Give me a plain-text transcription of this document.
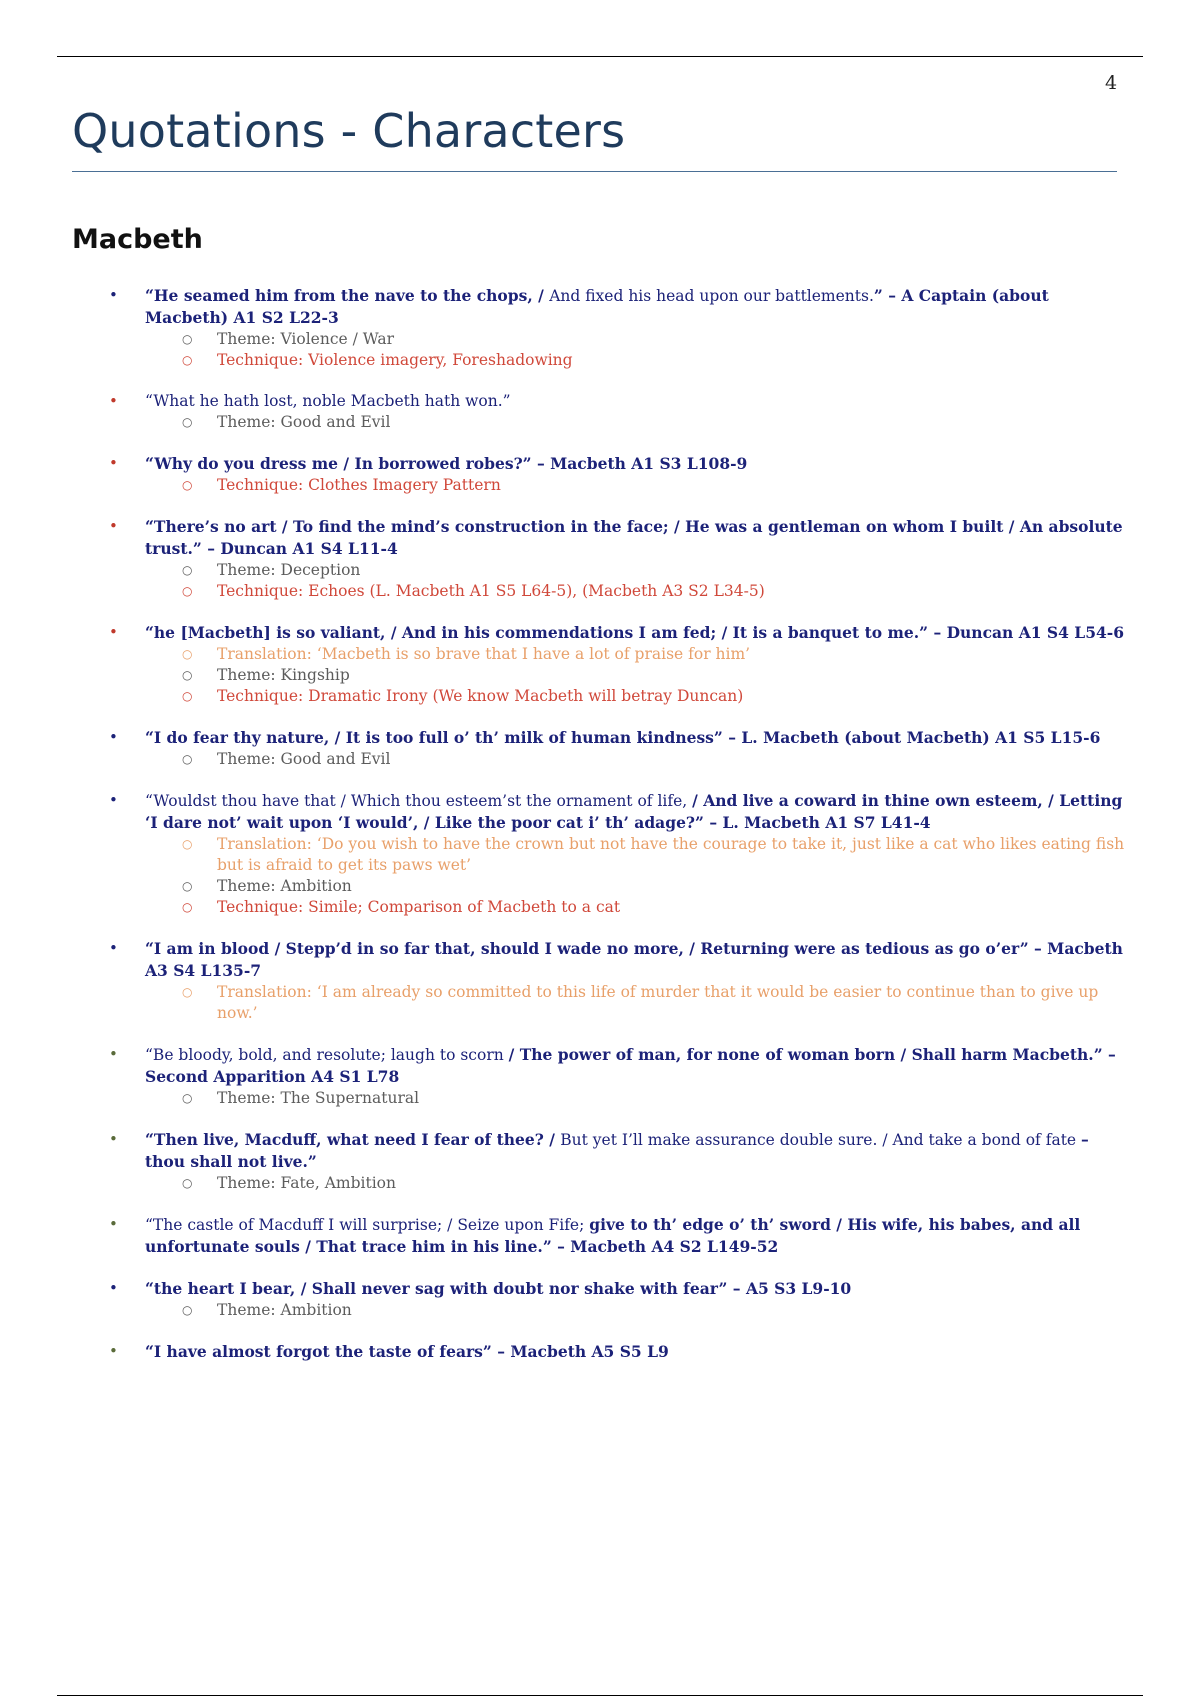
4
Quotations - Characters
Macbeth
• “He seamed him from the nave to the chops, / And fixed his head upon our battlements.” – A Captain (about Macbeth) A1 S2 L22-3
○ Theme: Violence / War
○ Technique: Violence imagery, Foreshadowing
• “What he hath lost, noble Macbeth hath won.”
○ Theme: Good and Evil
• “Why do you dress me / In borrowed robes?” – Macbeth A1 S3 L108-9
○ Technique: Clothes Imagery Pattern
• “There’s no art / To find the mind’s construction in the face; / He was a gentleman on whom I built / An absolute trust.” – Duncan A1 S4 L11-4
○ Theme: Deception
○ Technique: Echoes (L. Macbeth A1 S5 L64-5), (Macbeth A3 S2 L34-5)
• “he [Macbeth] is so valiant, / And in his commendations I am fed; / It is a banquet to me.” – Duncan A1 S4 L54-6
○ Translation: ‘Macbeth is so brave that I have a lot of praise for him’
○ Theme: Kingship
○ Technique: Dramatic Irony (We know Macbeth will betray Duncan)
• “I do fear thy nature, / It is too full o’ th’ milk of human kindness” – L. Macbeth (about Macbeth) A1 S5 L15-6
○ Theme: Good and Evil
• “Wouldst thou have that / Which thou esteem’st the ornament of life, / And live a coward in thine own esteem, / Letting ‘I dare not’ wait upon ‘I would’, / Like the poor cat i’ th’ adage?” – L. Macbeth A1 S7 L41-4
○ Translation: ‘Do you wish to have the crown but not have the courage to take it, just like a cat who likes eating fish but is afraid to get its paws wet’
○ Theme: Ambition
○ Technique: Simile; Comparison of Macbeth to a cat
• “I am in blood / Stepp’d in so far that, should I wade no more, / Returning were as tedious as go o’er” – Macbeth A3 S4 L135-7
○ Translation: ‘I am already so committed to this life of murder that it would be easier to continue than to give up now.’
• “Be bloody, bold, and resolute; laugh to scorn / The power of man, for none of woman born / Shall harm Macbeth.” – Second Apparition A4 S1 L78
○ Theme: The Supernatural
• “Then live, Macduff, what need I fear of thee? / But yet I’ll make assurance double sure. / And take a bond of fate – thou shall not live.”
○ Theme: Fate, Ambition
• “The castle of Macduff I will surprise; / Seize upon Fife; give to th’ edge o’ th’ sword / His wife, his babes, and all unfortunate souls / That trace him in his line.” – Macbeth A4 S2 L149-52
• “the heart I bear, / Shall never sag with doubt nor shake with fear” – A5 S3 L9-10
○ Theme: Ambition
• “I have almost forgot the taste of fears” – Macbeth A5 S5 L9
